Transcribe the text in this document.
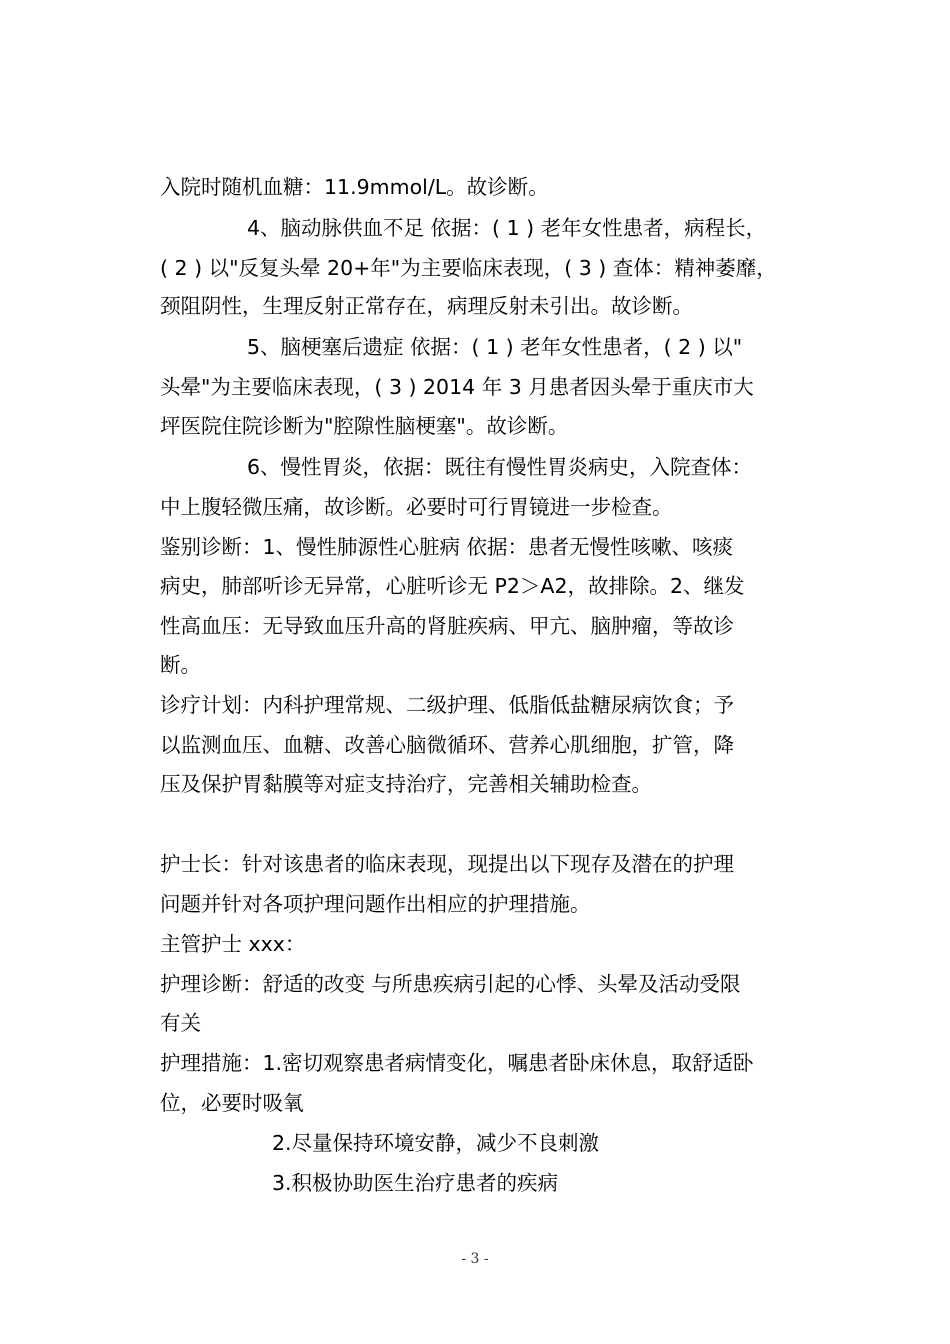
入院时随机血糖：11.9mmol/L。故诊断。
4、脑动脉供血不足 依据：( 1 ) 老年女性患者，病程长，
( 2 ) 以"反复头晕 20+年"为主要临床表现，( 3 ) 查体：精神萎靡，
颈阻阴性，生理反射正常存在，病理反射未引出。故诊断。
5、脑梗塞后遗症 依据：( 1 ) 老年女性患者，( 2 ) 以"
头晕"为主要临床表现，( 3 ) 2014 年 3 月患者因头晕于重庆市大
坪医院住院诊断为"腔隙性脑梗塞"。故诊断。
6、慢性胃炎，依据：既往有慢性胃炎病史，入院查体：
中上腹轻微压痛，故诊断。必要时可行胃镜进一步检查。
鉴别诊断：1、慢性肺源性心脏病 依据：患者无慢性咳嗽、咳痰
病史，肺部听诊无异常，心脏听诊无 P2＞A2，故排除。2、继发
性高血压：无导致血压升高的肾脏疾病、甲亢、脑肿瘤，等故诊
断。
诊疗计划：内科护理常规、二级护理、低脂低盐糖尿病饮食；予
以监测血压、血糖、改善心脑微循环、营养心肌细胞，扩管，降
压及保护胃黏膜等对症支持治疗，完善相关辅助检查。
护士长：针对该患者的临床表现，现提出以下现存及潜在的护理
问题并针对各项护理问题作出相应的护理措施。
主管护士 xxx：
护理诊断：舒适的改变 与所患疾病引起的心悸、头晕及活动受限
有关
护理措施：1.密切观察患者病情变化，嘱患者卧床休息，取舒适卧
位，必要时吸氧
2.尽量保持环境安静，减少不良刺激
3.积极协助医生治疗患者的疾病
- 3 -
